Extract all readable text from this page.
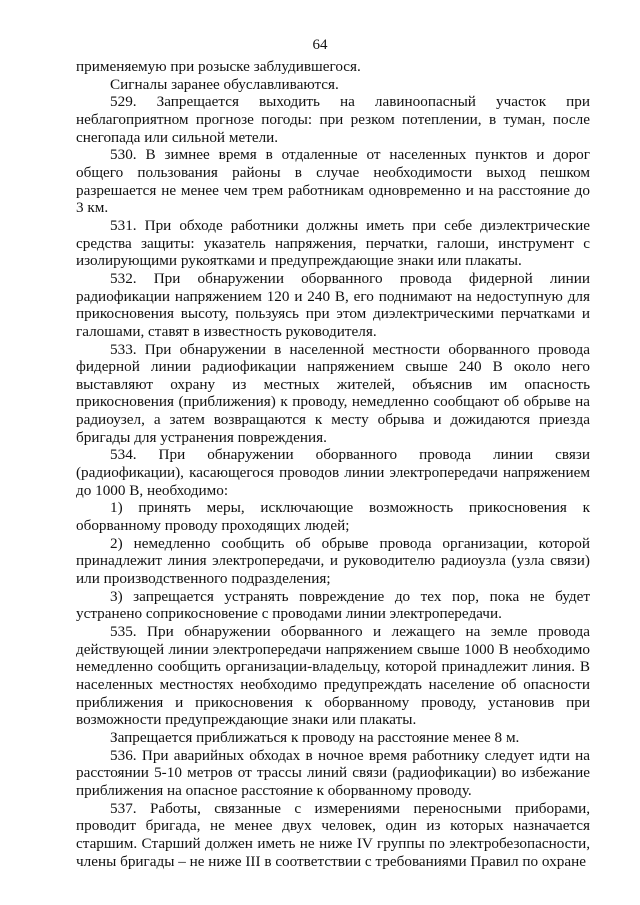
64

применяемую при розыске заблудившегося.

Сигналы заранее обуславливаются.

529. Запрещается выходить на лавиноопасный участок при неблагоприятном прогнозе погоды: при резком потеплении, в туман, после снегопада или сильной метели.

530. В зимнее время в отдаленные от населенных пунктов и дорог общего пользования районы в случае необходимости выход пешком разрешается не менее чем трем работникам одновременно и на расстояние до 3 км.

531. При обходе работники должны иметь при себе диэлектрические средства защиты: указатель напряжения, перчатки, галоши, инструмент с изолирующими рукоятками и предупреждающие знаки или плакаты.

532. При обнаружении оборванного провода фидерной линии радиофикации напряжением 120 и 240 В, его поднимают на недоступную для прикосновения высоту, пользуясь при этом диэлектрическими перчатками и галошами, ставят в известность руководителя.

533. При обнаружении в населенной местности оборванного провода фидерной линии радиофикации напряжением свыше 240 В около него выставляют охрану из местных жителей, объяснив им опасность прикосновения (приближения) к проводу, немедленно сообщают об обрыве на радиоузел, а затем возвращаются к месту обрыва и дожидаются приезда бригады для устранения повреждения.

534. При обнаружении оборванного провода линии связи (радиофикации), касающегося проводов линии электропередачи напряжением до 1000 В, необходимо:

1) принять меры, исключающие возможность прикосновения к оборванному проводу проходящих людей;

2) немедленно сообщить об обрыве провода организации, которой принадлежит линия электропередачи, и руководителю радиоузла (узла связи) или производственного подразделения;

3) запрещается устранять повреждение до тех пор, пока не будет устранено соприкосновение с проводами линии электропередачи.

535. При обнаружении оборванного и лежащего на земле провода действующей линии электропередачи напряжением свыше 1000 В необходимо немедленно сообщить организации-владельцу, которой принадлежит линия. В населенных местностях необходимо предупреждать население об опасности приближения и прикосновения к оборванному проводу, установив при возможности предупреждающие знаки или плакаты.

Запрещается приближаться к проводу на расстояние менее 8 м.

536. При аварийных обходах в ночное время работнику следует идти на расстоянии 5-10 метров от трассы линий связи (радиофикации) во избежание приближения на опасное расстояние к оборванному проводу.

537. Работы, связанные с измерениями переносными приборами, проводит бригада, не менее двух человек, один из которых назначается старшим. Старший должен иметь не ниже IV группы по электробезопасности, члены бригады – не ниже III в соответствии с требованиями Правил по охране
